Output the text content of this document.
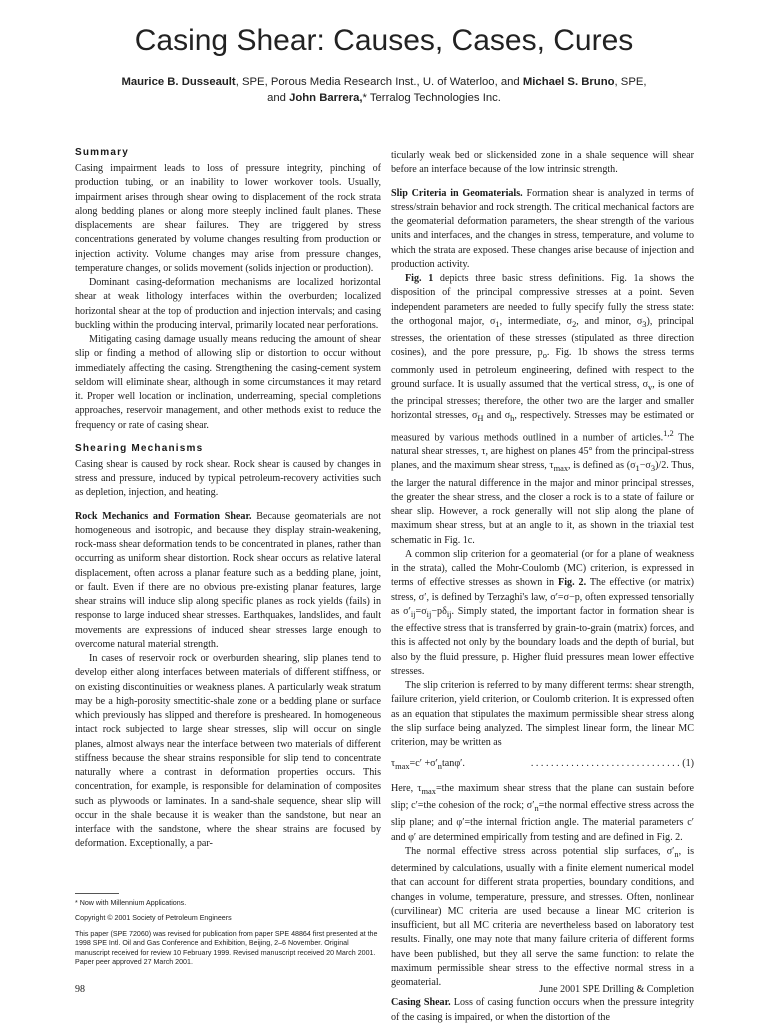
Casing Shear: Causes, Cases, Cures
Maurice B. Dusseault, SPE, Porous Media Research Inst., U. of Waterloo, and Michael S. Bruno, SPE,
and John Barrera,* Terralog Technologies Inc.
Summary

Casing impairment leads to loss of pressure integrity, pinching of production tubing, or an inability to lower workover tools. Usually, impairment arises through shear owing to displacement of the rock strata along bedding planes or along more steeply inclined fault planes. These displacements are shear failures. They are triggered by stress concentrations generated by volume changes resulting from production or injection activity. Volume changes may arise from pressure changes, temperature changes, or solids movement (solids injection or production).

Dominant casing-deformation mechanisms are localized horizontal shear at weak lithology interfaces within the overburden; localized horizontal shear at the top of production and injection intervals; and casing buckling within the producing interval, primarily located near perforations.

Mitigating casing damage usually means reducing the amount of shear slip or finding a method of allowing slip or distortion to occur without immediately affecting the casing. Strengthening the casing-cement system seldom will eliminate shear, although in some circumstances it may retard it. Proper well location or inclination, underreaming, special completions approaches, reservoir management, and other methods exist to reduce the frequency or rate of casing shear.

Shearing Mechanisms

Casing shear is caused by rock shear. Rock shear is caused by changes in stress and pressure, induced by typical petroleum-recovery activities such as depletion, injection, and heating.

Rock Mechanics and Formation Shear. Because geomaterials are not homogeneous and isotropic, and because they display strain-weakening, rock-mass shear deformation tends to be concentrated in planes, rather than occurring as uniform shear distortion. Rock shear occurs as relative lateral displacement, often across a planar feature such as a bedding plane, joint, or fault. Even if there are no obvious pre-existing planar features, large shear strains will induce slip along specific planes as rock yields (fails) in response to large induced shear stresses. Earthquakes, landslides, and fault movements are expressions of induced shear stresses large enough to overcome natural material strength.

In cases of reservoir rock or overburden shearing, slip planes tend to develop either along interfaces between materials of different stiffness, or on existing discontinuities or weakness planes. A particularly weak stratum may be a high-porosity smectitic-shale zone or a bedding plane or surface which previously has slipped and therefore is presheared. In homogeneous intact rock subjected to large shear stresses, slip will occur on single planes, almost always near the interface between two materials of different stiffness because the shear strains responsible for slip tend to concentrate naturally where a contrast in deformation properties occurs. This concentration, for example, is responsible for delamination of composites such as plywoods or laminates. In a sand-shale sequence, shear slip will occur in the shale because it is weaker than the sandstone, but near an interface with the sandstone, where the shear strains are focused by deformation. Exceptionally, a par-

* Now with Millennium Applications.

Copyright © 2001 Society of Petroleum Engineers

This paper (SPE 72060) was revised for publication from paper SPE 48864 first presented at the 1998 SPE Intl. Oil and Gas Conference and Exhibition, Beijing, 2–6 November. Original manuscript received for review 10 February 1999. Revised manuscript received 20 March 2001. Paper peer approved 27 March 2001.

ticularly weak bed or slickensided zone in a shale sequence will shear before an interface because of the low intrinsic strength.

Slip Criteria in Geomaterials. Formation shear is analyzed in terms of stress/strain behavior and rock strength. The critical mechanical factors are the geomaterial deformation parameters, the shear strength of the various units and interfaces, and the changes in stress, temperature, and volume to which the strata are exposed. These changes arise because of injection and production activity.

Fig. 1 depicts three basic stress definitions. Fig. 1a shows the disposition of the principal compressive stresses at a point. Seven independent parameters are needed to fully specify fully the stress state: the orthogonal major, $\sigma_1$, intermediate, $\sigma_2$, and minor, $\sigma_3$), principal stresses, the orientation of these stresses (stipulated as three direction cosines), and the pore pressure, $p_o$. Fig. 1b shows the stress terms commonly used in petroleum engineering, defined with respect to the ground surface. It is usually assumed that the vertical stress, $\sigma_v$, is one of the principal stresses; therefore, the other two are the larger and smaller horizontal stresses, $\sigma_H$ and $\sigma_h$, respectively. Stresses may be estimated or measured by various methods outlined in a number of articles.$^{1,2}$ The natural shear stresses, τ, are highest on planes 45° from the principal-stress planes, and the maximum shear stress, $\tau_{max}$, is defined as $(\sigma_1-\sigma_3)/2$. Thus, the larger the natural difference in the major and minor principal stresses, the greater the shear stress, and the closer a rock is to a state of failure or shear slip. However, a rock generally will not slip along the plane of maximum shear stress, but at an angle to it, as shown in the triaxial test schematic in Fig. 1c.

A common slip criterion for a geomaterial (or for a plane of weakness in the strata), called the Mohr-Coulomb (MC) criterion, is expressed in terms of effective stresses as shown in Fig. 2. The effective (or matrix) stress, σ′, is defined by Terzaghi's law, σ′=σ−p, often expressed tensorially as $\sigma'_{ij}=\sigma_{ij}-p\delta_{ij}$. Simply stated, the important factor in formation shear is the effective stress that is transferred by grain-to-grain (matrix) forces, and this is affected not only by the boundary loads and the depth of burial, but also by the fluid pressure, p. Higher fluid pressures mean lower effective stresses.

The slip criterion is referred to by many different terms: shear strength, failure criterion, yield criterion, or Coulomb criterion. It is expressed often as an equation that stipulates the maximum permissible shear stress along the slip surface being analyzed. The simplest linear form, the linear MC criterion, may be written as

$\tau_{max}=c' +\sigma'_n\tan\varphi'$.	. . . . . . . . . . . . . . . . . . . . . . . . . . . . . . (1)

Here, $\tau_{max}=the$ maximum shear stress that the plane can sustain before slip; c′=the cohesion of the rock; $\sigma'_n=the$ normal effective stress across the slip plane; and φ′=the internal friction angle. The material parameters c′ and φ′ are determined empirically from testing and are defined in Fig. 2.

The normal effective stress across potential slip surfaces, $\sigma'_n$, is determined by calculations, usually with a finite element numerical model that can account for different strata properties, boundary conditions, and changes in volume, temperature, pressure, and stresses. Often, nonlinear (curvilinear) MC criteria are used because a linear MC criterion is insufficient, but all MC criteria are nevertheless based on laboratory test results. Finally, one may note that many failure criteria of different forms have been published, but they all serve the same function: to relate the maximum permissible shear stress to the effective normal stress in a geomaterial.

Casing Shear. Loss of casing function occurs when the pressure integrity of the casing is impaired, or when the distortion of the

98	June 2001 SPE Drilling & Completion
